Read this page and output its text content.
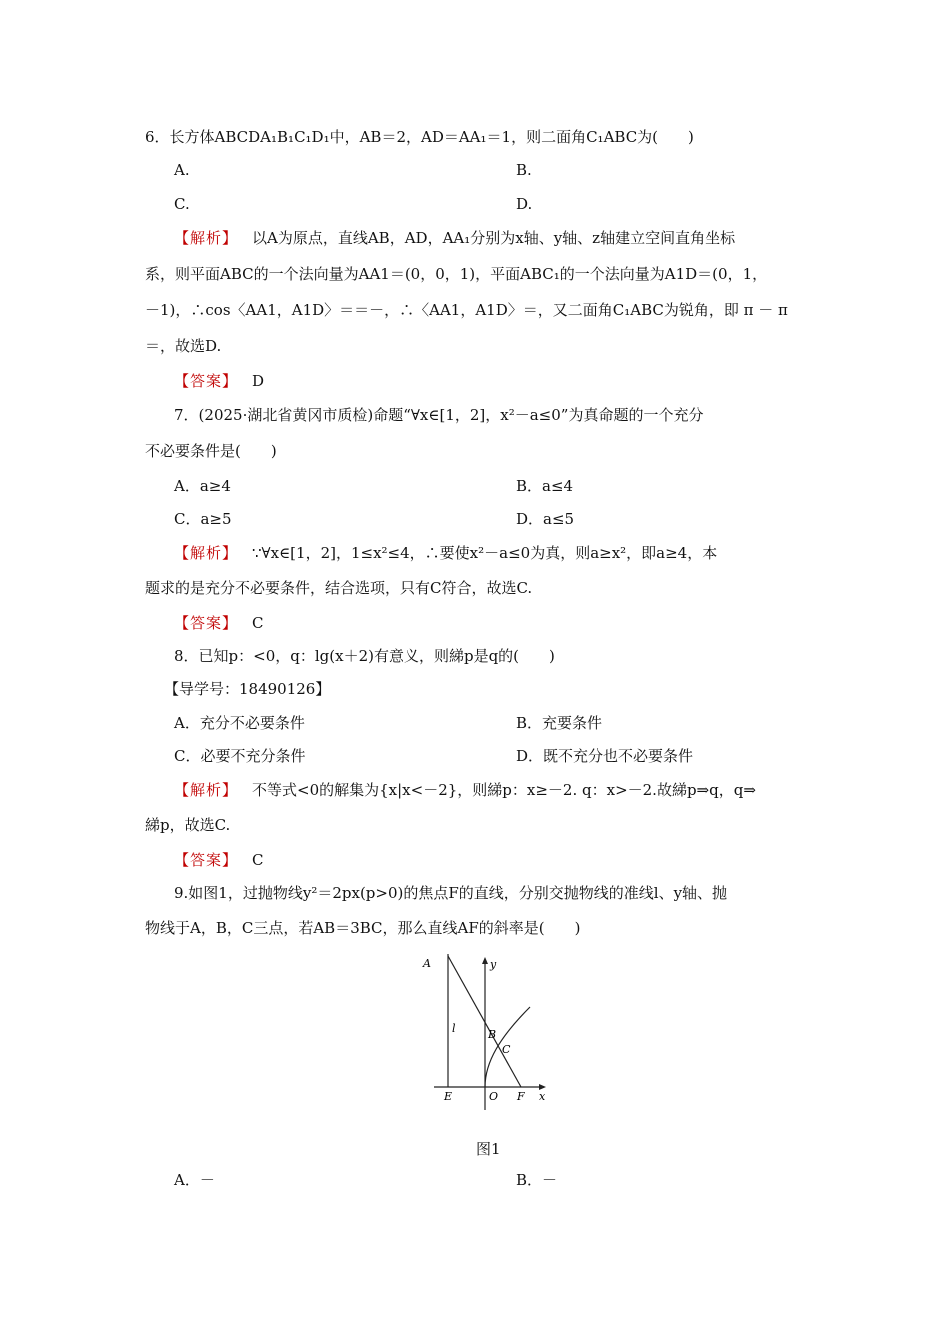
6．长方体ABCDA₁B₁C₁D₁中，AB＝2，AD＝AA₁＝1，则二面角C₁ABC为(　　)
A.	B.
C.	D.
【解析】 以A为原点，直线AB，AD，AA₁分别为x轴、y轴、z轴建立空间直角坐标
系，则平面ABC的一个法向量为AA1＝(0，0，1)，平面ABC₁的一个法向量为A1D＝(0，1，
－1)，∴cos〈AA1，A1D〉＝＝－，∴〈AA1，A1D〉＝，又二面角C₁ABC为锐角，即 π － π
＝，故选D.
【答案】 D
7．(2025·湖北省黄冈市质检)命题“∀x∈[1，2]，x²－a≤0”为真命题的一个充分
不必要条件是(　　)
A．a≥4	B．a≤4
C．a≥5	D．a≤5
【解析】 ∵∀x∈[1，2]，1≤x²≤4，∴要使x²－a≤0为真，则a≥x²，即a≥4，本
题求的是充分不必要条件，结合选项，只有C符合，故选C.
【答案】 C
8．已知p：<0，q：lg(x＋2)有意义，则綈p是q的(　　)
【导学号：18490126】
A．充分不必要条件	B．充要条件
C．必要不充分条件	D．既不充分也不必要条件
【解析】 不等式<0的解集为{x|x<－2}，则綈p：x≥－2. q：x>－2.故綈p⇒q，q⇒
綈p，故选C.
【答案】 C
9.如图1，过抛物线y²＝2px(p>0)的焦点F的直线，分别交抛物线的准线l、y轴、抛
物线于A，B，C三点，若AB＝3BC，那么直线AF的斜率是(　　)
A	y
l	B
C
E	O F x
图1
A．－	B．－
